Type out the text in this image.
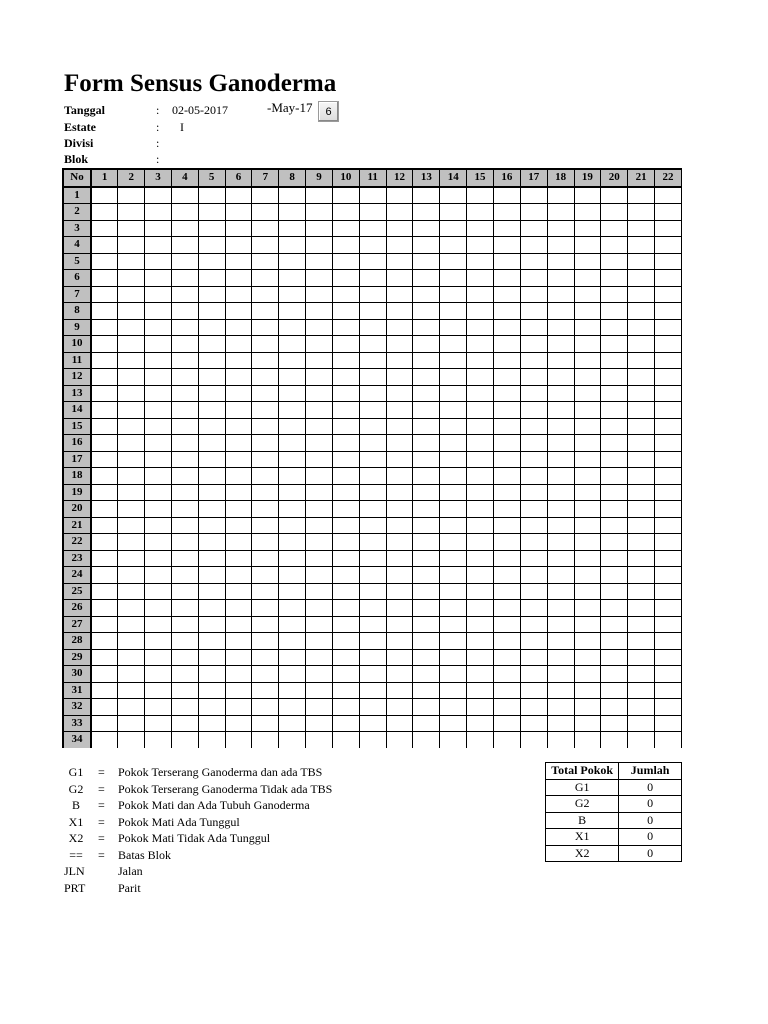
Form Sensus Ganoderma
Tanggal	: 02-05-2017
Estate	: I
Divisi	:
Blok	:
-May-17	6
No	1	2	3	4	5	6	7	8	9	10	11	12	13	14	15	16	17	18	19	20	21	22
1																						
2																						
3																						
4																						
5																						
6																						
7																						
8																						
9																						
10																						
11																						
12																						
13																						
14																						
15																						
16																						
17																						
18																						
19																						
20																						
21																						
22																						
23																						
24																						
25																						
26																						
27																						
28																						
29																						
30																						
31																						
32																						
33																						
34																						
G1	= Pokok Terserang Ganoderma dan ada TBS
G2	= Pokok Terserang Ganoderma Tidak ada TBS
B	= Pokok Mati dan Ada Tubuh Ganoderma
X1	= Pokok Mati Ada Tunggul
X2	= Pokok Mati Tidak Ada Tunggul
==	= Batas Blok
JLN	Jalan
PRT	Parit
Total Pokok	Jumlah
G1	0
G2	0
B	0
X1	0
X2	0
